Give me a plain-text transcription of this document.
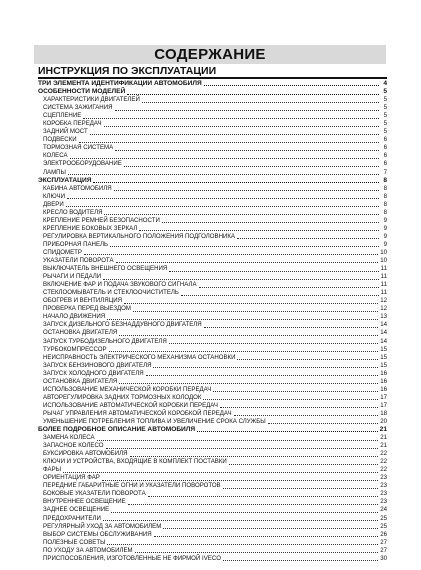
СОДЕРЖАНИЕ
ИНСТРУКЦИЯ ПО ЭКСПЛУАТАЦИИ
ТРИ ЭЛЕМЕНТА ИДЕНТИФИКАЦИИ АВТОМОБИЛЯ	4
ОСОБЕННОСТИ МОДЕЛЕЙ	5
ХАРАКТЕРИСТИКИ ДВИГАТЕЛЕЙ	5
СИСТЕМА ЗАЖИГАНИЯ	5
СЦЕПЛЕНИЕ	5
КОРОБКА ПЕРЕДАЧ	5
ЗАДНИЙ МОСТ	5
ПОДВЕСКИ	6
ТОРМОЗНАЯ СИСТЕМА	6
КОЛЕСА	6
ЭЛЕКТРООБОРУДОВАНИЕ	6
ЛАМПЫ	7
ЭКСПЛУАТАЦИЯ	8
КАБИНА АВТОМОБИЛЯ	8
КЛЮЧИ	8
ДВЕРИ	8
КРЕСЛО ВОДИТЕЛЯ	8
КРЕПЛЕНИЕ РЕМНЕЙ БЕЗОПАСНОСТИ	9
КРЕПЛЕНИЕ БОКОВЫХ ЗЕРКАЛ	9
РЕГУЛИРОВКА ВЕРТИКАЛЬНОГО ПОЛОЖЕНИЯ ПОДГОЛОВНИКА	9
ПРИБОРНАЯ ПАНЕЛЬ	9
СПИДОМЕТР	10
УКАЗАТЕЛИ ПОВОРОТА	10
ВЫКЛЮЧАТЕЛЬ ВНЕШНЕГО ОСВЕЩЕНИЯ	11
РЫЧАГИ И ПЕДАЛИ	11
ВКЛЮЧЕНИЕ ФАР И ПОДАЧА ЗВУКОВОГО СИГНАЛА	11
СТЕКЛООМЫВАТЕЛЬ И СТЕКЛООЧИСТИТЕЛЬ	11
ОБОГРЕВ И ВЕНТИЛЯЦИЯ	12
ПРОВЕРКА ПЕРЕД ВЫЕЗДОМ	12
НАЧАЛО ДВИЖЕНИЯ	13
ЗАПУСК ДИЗЕЛЬНОГО БЕЗНАДДУВНОГО ДВИГАТЕЛЯ	14
ОСТАНОВКА ДВИГАТЕЛЯ	14
ЗАПУСК ТУРБОДИЗЕЛЬНОГО ДВИГАТЕЛЯ	14
ТУРБОКОМПРЕССОР	15
НЕИСПРАВНОСТЬ ЭЛЕКТРИЧЕСКОГО МЕХАНИЗМА ОСТАНОВКИ	15
ЗАПУСК БЕНЗИНОВОГО ДВИГАТЕЛЯ	15
ЗАПУСК ХОЛОДНОГО ДВИГАТЕЛЯ	16
ОСТАНОВКА ДВИГАТЕЛЯ	16
ИСПОЛЬЗОВАНИЕ МЕХАНИЧЕСКОЙ КОРОБКИ ПЕРЕДАЧ	16
АВТОРЕГУЛИРОВКА ЗАДНИХ ТОРМОЗНЫХ КОЛОДОК	17
ИСПОЛЬЗОВАНИЕ АВТОМАТИЧЕСКОЙ КОРОБКИ ПЕРЕДАЧ	17
РЫЧАГ УПРАВЛЕНИЯ АВТОМАТИЧЕСКОЙ КОРОБКОЙ ПЕРЕДАЧ	18
УМЕНЬШЕНИЕ ПОТРЕБЛЕНИЯ ТОПЛИВА И УВЕЛИЧЕНИЕ СРОКА СЛУЖБЫ	20
БОЛЕЕ ПОДРОБНОЕ ОПИСАНИЕ АВТОМОБИЛЯ	21
ЗАМЕНА КОЛЕСА	21
ЗАПАСНОЕ КОЛЕСО	21
БУКСИРОВКА АВТОМОБИЛЯ	22
КЛЮЧИ И УСТРОЙСТВА, ВХОДЯЩИЕ В КОМПЛЕКТ ПОСТАВКИ	22
ФАРЫ	22
ОРИЕНТАЦИЯ ФАР	23
ПЕРЕДНИЕ ГАБАРИТНЫЕ ОГНИ И УКАЗАТЕЛИ ПОВОРОТОВ	23
БОКОВЫЕ УКАЗАТЕЛИ ПОВОРОТА	23
ВНУТРЕННЕЕ ОСВЕЩЕНИЕ	23
ЗАДНЕЕ ОСВЕЩЕНИЕ	24
ПРЕДОХРАНИТЕЛИ	25
РЕГУЛЯРНЫЙ УХОД ЗА АВТОМОБИЛЕМ	25
ВЫБОР СИСТЕМЫ ОБСЛУЖИВАНИЯ	26
ПОЛЕЗНЫЕ СОВЕТЫ	27
ПО УХОДУ ЗА АВТОМОБИЛЕМ	27
ПРИСПОСОБЛЕНИЯ, ИЗГОТОВЛЕННЫЕ НЕ ФИРМОЙ IVECO	30
